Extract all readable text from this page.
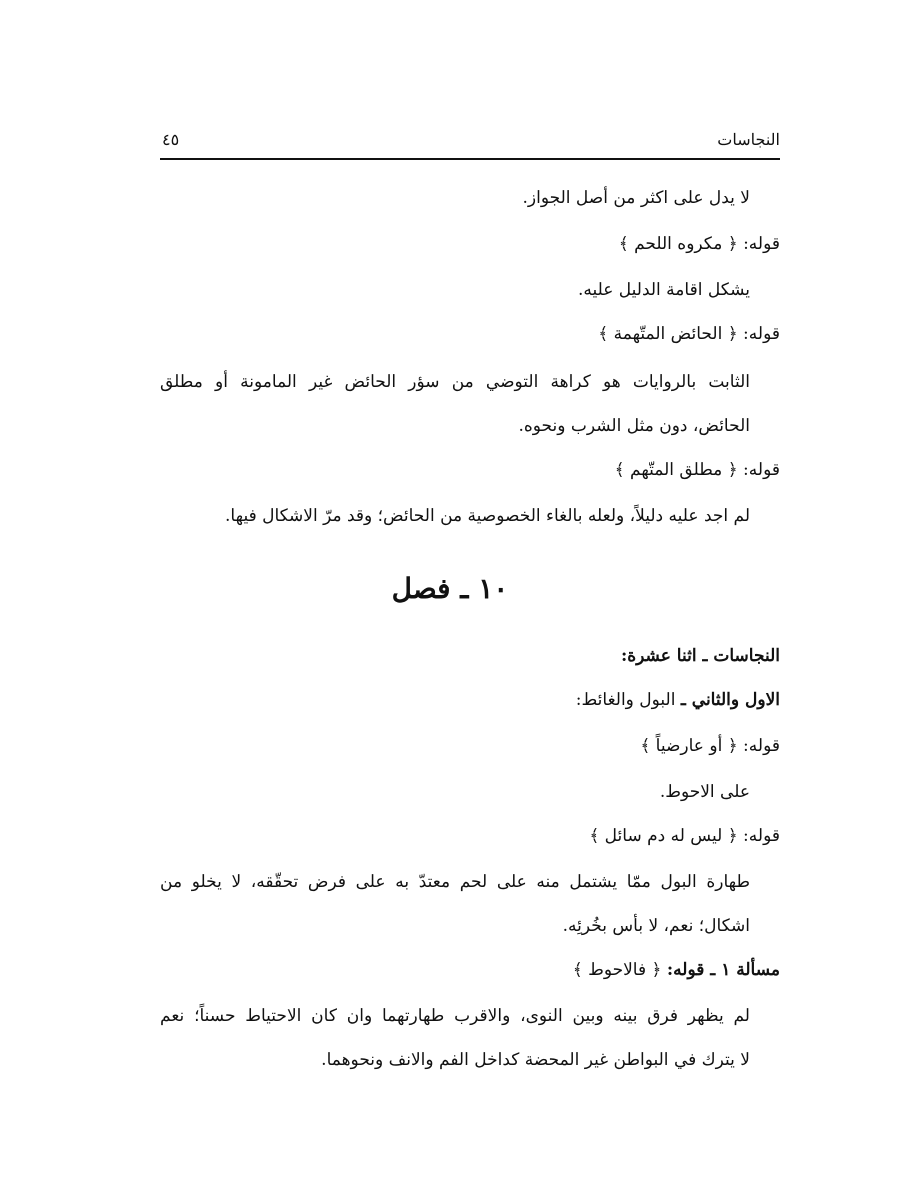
النجاسات
٤٥
لا يدل على اكثر من أصل الجواز.
قوله: ﴿ مكروه اللحم ﴾
يشكل اقامة الدليل عليه.
قوله: ﴿ الحائض المتّهمة ﴾
الثابت بالروايات هو كراهة التوضي من سؤر الحائض غير المامونة أو مطلق
الحائض، دون مثل الشرب ونحوه.
قوله: ﴿ مطلق المتّهم ﴾
لم اجد عليه دليلاً، ولعله بالغاء الخصوصية من الحائض؛ وقد مرّ الاشكال فيها.
١٠ ـ فصل
النجاسات ـ اثنا عشرة:
الاول والثاني ـ البول والغائط:
قوله: ﴿ أو عارضياً ﴾
على الاحوط.
قوله: ﴿ ليس له دم سائل ﴾
طهارة البول ممّا يشتمل منه على لحم معتدّ به على فرض تحقّقه، لا يخلو من
اشكال؛ نعم، لا بأس بخُرئِه.
مسألة ١ ـ قوله: ﴿ فالاحوط ﴾
لم يظهر فرق بينه وبين النوى، والاقرب طهارتهما وان كان الاحتياط حسناً؛ نعم
لا يترك في البواطن غير المحضة كداخل الفم والانف ونحوهما.
